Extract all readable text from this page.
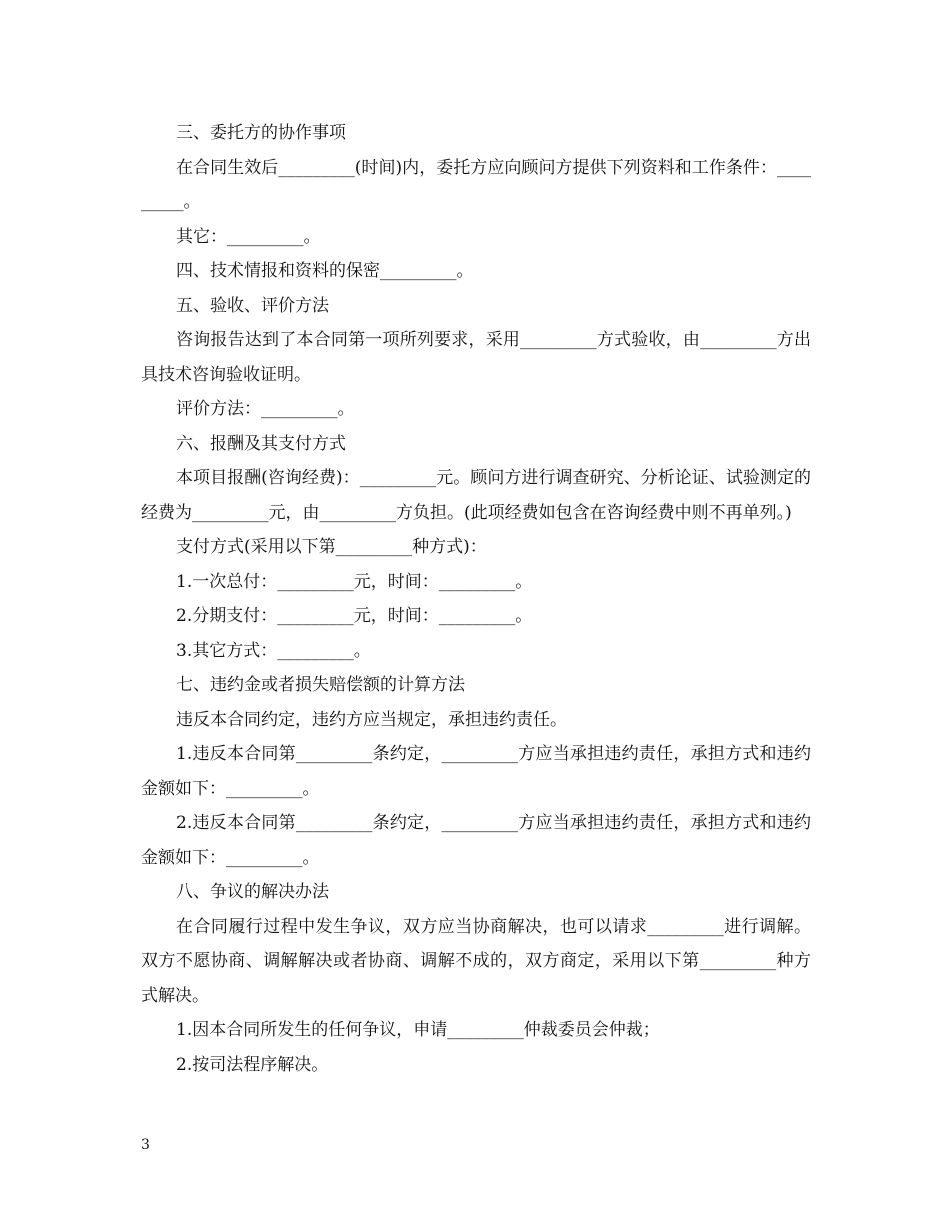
三、委托方的协作事项

在合同生效后_________(时间)内，委托方应向顾问方提供下列资料和工作条件：_________。

其它：_________。

四、技术情报和资料的保密_________。

五、验收、评价方法

咨询报告达到了本合同第一项所列要求，采用_________方式验收，由_________方出具技术咨询验收证明。

评价方法：_________。

六、报酬及其支付方式

本项目报酬(咨询经费)：_________元。顾问方进行调查研究、分析论证、试验测定的经费为_________元，由_________方负担。(此项经费如包含在咨询经费中则不再单列。)

支付方式(采用以下第_________种方式)：

1.一次总付：_________元，时间：_________。

2.分期支付：_________元，时间：_________。

3.其它方式：_________。

七、违约金或者损失赔偿额的计算方法

违反本合同约定，违约方应当规定，承担违约责任。

1.违反本合同第_________条约定，_________方应当承担违约责任，承担方式和违约金额如下：_________。

2.违反本合同第_________条约定，_________方应当承担违约责任，承担方式和违约金额如下：_________。

八、争议的解决办法

在合同履行过程中发生争议，双方应当协商解决，也可以请求_________进行调解。双方不愿协商、调解解决或者协商、调解不成的，双方商定，采用以下第_________种方式解决。

1.因本合同所发生的任何争议，申请_________仲裁委员会仲裁；

2.按司法程序解决。

3
